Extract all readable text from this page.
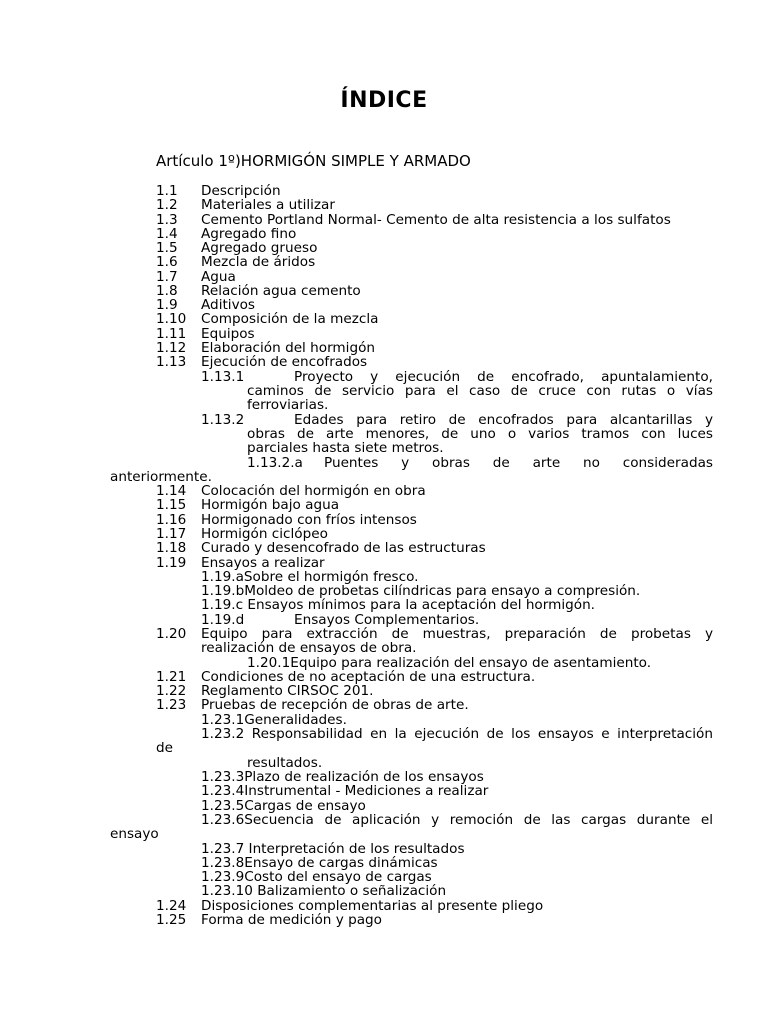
ÍNDICE
Artículo 1º)HORMIGÓN SIMPLE Y ARMADO
1.1 Descripción
1.2 Materiales a utilizar
1.3 Cemento Portland Normal- Cemento de alta resistencia a los sulfatos
1.4 Agregado fino
1.5 Agregado grueso
1.6 Mezcla de áridos
1.7 Agua
1.8 Relación agua cemento
1.9 Aditivos
1.10 Composición de la mezcla
1.11 Equipos
1.12 Elaboración del hormigón
1.13 Ejecución de encofrados
1.13.1	Proyecto y ejecución de encofrado, apuntalamiento,
caminos de servicio para el caso de cruce con rutas o vías
ferroviarias.
1.13.2	Edades para retiro de encofrados para alcantarillas y
obras de arte menores, de uno o varios tramos con luces
parciales hasta siete metros.
1.13.2.a Puentes y obras de arte no consideradas
anteriormente.
1.14 Colocación del hormigón en obra
1.15 Hormigón bajo agua
1.16 Hormigonado con fríos intensos
1.17 Hormigón ciclópeo
1.18 Curado y desencofrado de las estructuras
1.19 Ensayos a realizar
1.19.aSobre el hormigón fresco.
1.19.bMoldeo de probetas cilíndricas para ensayo a compresión.
1.19.c Ensayos mínimos para la aceptación del hormigón.
1.19.d	Ensayos Complementarios.
1.20 Equipo para extracción de muestras, preparación de probetas y
realización de ensayos de obra.
1.20.1Equipo para realización del ensayo de asentamiento.
1.21 Condiciones de no aceptación de una estructura.
1.22 Reglamento CIRSOC 201.
1.23 Pruebas de recepción de obras de arte.
1.23.1Generalidades.
1.23.2 Responsabilidad en la ejecución de los ensayos e interpretación
de
resultados.
1.23.3Plazo de realización de los ensayos
1.23.4Instrumental - Mediciones a realizar
1.23.5Cargas de ensayo
1.23.6Secuencia de aplicación y remoción de las cargas durante el
ensayo
1.23.7 Interpretación de los resultados
1.23.8Ensayo de cargas dinámicas
1.23.9Costo del ensayo de cargas
1.23.10 Balizamiento o señalización
1.24 Disposiciones complementarias al presente pliego
1.25 Forma de medición y pago
